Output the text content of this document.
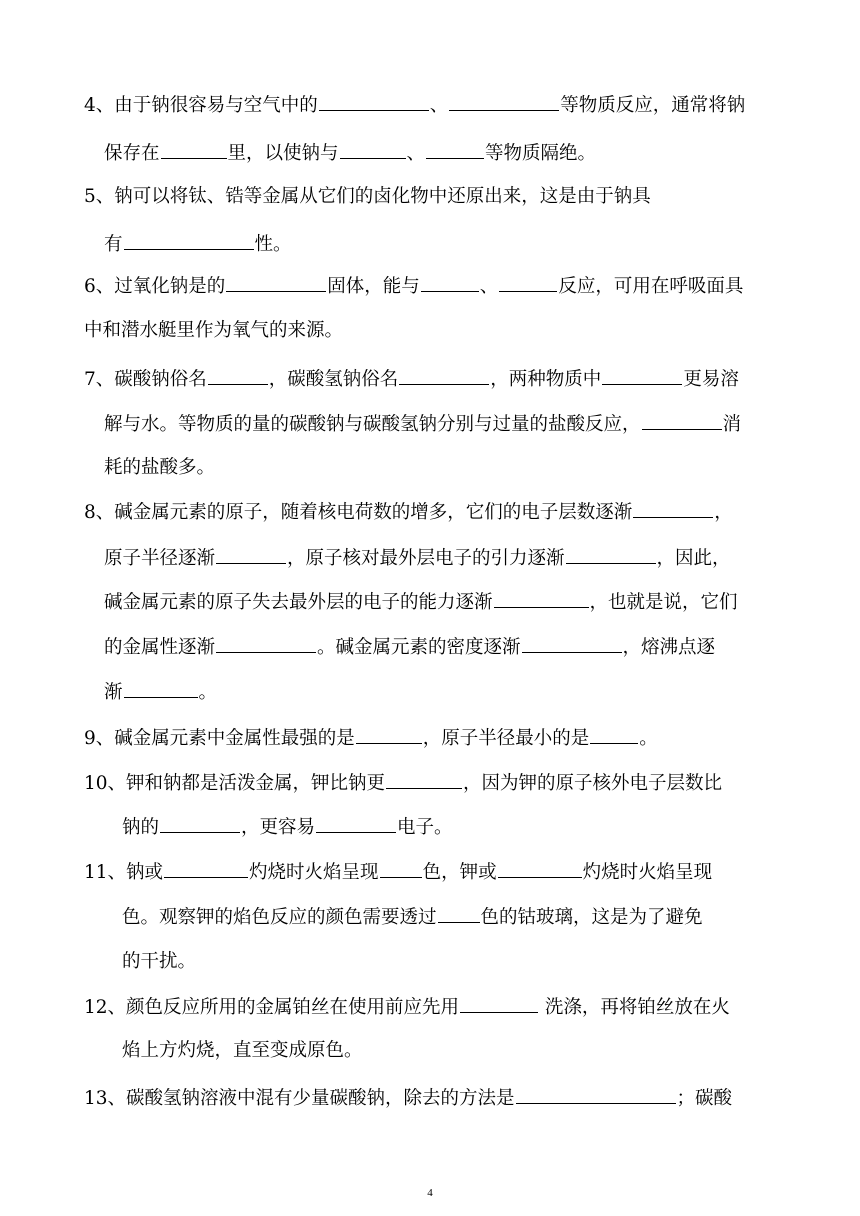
4、由于钠很容易与空气中的	、	等物质反应，通常将钠
保存在	里，以使钠与	、	等物质隔绝。
5、钠可以将钛、锆等金属从它们的卤化物中还原出来，这是由于钠具
有	性。
6、过氧化钠是的	固体，能与	、	反应，可用在呼吸面具
中和潜水艇里作为氧气的来源。
7、碳酸钠俗名	，碳酸氢钠俗名	，两种物质中	更易溶
解与水。等物质的量的碳酸钠与碳酸氢钠分别与过量的盐酸反应，	消
耗的盐酸多。
8、碱金属元素的原子，随着核电荷数的增多，它们的电子层数逐渐	，
原子半径逐渐	，原子核对最外层电子的引力逐渐	，因此，
碱金属元素的原子失去最外层的电子的能力逐渐	，也就是说，它们
的金属性逐渐	。碱金属元素的密度逐渐	，熔沸点逐
渐	。
9、碱金属元素中金属性最强的是	，原子半径最小的是	。
10、钾和钠都是活泼金属，钾比钠更	，因为钾的原子核外电子层数比
钠的	，更容易	电子。
11、钠或	灼烧时火焰呈现 色，钾或	灼烧时火焰呈现
色。观察钾的焰色反应的颜色需要透过 色的钴玻璃，这是为了避免
的干扰。
12、颜色反应所用的金属铂丝在使用前应先用	洗涤，再将铂丝放在火
焰上方灼烧，直至变成原色。
13、碳酸氢钠溶液中混有少量碳酸钠，除去的方法是	；碳酸
4
